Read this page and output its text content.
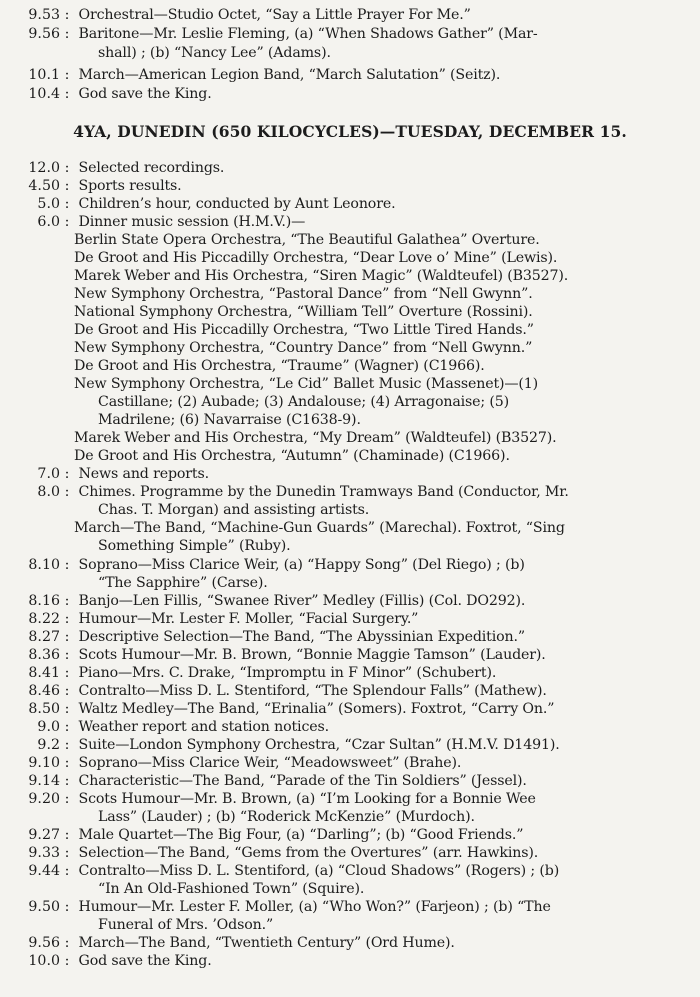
9.53 : Orchestral—Studio Octet, “Say a Little Prayer For Me.”
9.56 : Baritone—Mr. Leslie Fleming, (a) “When Shadows Gather” (Mar-
shall) ; (b) “Nancy Lee” (Adams).
10.1 : March—American Legion Band, “March Salutation” (Seitz).
10.4 : God save the King.
4YA, DUNEDIN (650 KILOCYCLES)—TUESDAY, DECEMBER 15.
12.0 : Selected recordings.
4.50 : Sports results.
5.0 : Children’s hour, conducted by Aunt Leonore.
6.0 : Dinner music session (H.M.V.)—
Berlin State Opera Orchestra, “The Beautiful Galathea” Overture.
De Groot and His Piccadilly Orchestra, “Dear Love o’ Mine” (Lewis).
Marek Weber and His Orchestra, “Siren Magic” (Waldteufel) (B3527).
New Symphony Orchestra, “Pastoral Dance” from “Nell Gwynn”.
National Symphony Orchestra, “William Tell” Overture (Rossini).
De Groot and His Piccadilly Orchestra, “Two Little Tired Hands.”
New Symphony Orchestra, “Country Dance” from “Nell Gwynn.”
De Groot and His Orchestra, “Traume” (Wagner) (C1966).
New Symphony Orchestra, “Le Cid” Ballet Music (Massenet)—(1)
Castillane; (2) Aubade; (3) Andalouse; (4) Arragonaise; (5)
Madrilene; (6) Navarraise (C1638-9).
Marek Weber and His Orchestra, “My Dream” (Waldteufel) (B3527).
De Groot and His Orchestra, “Autumn” (Chaminade) (C1966).
7.0 : News and reports.
8.0 : Chimes. Programme by the Dunedin Tramways Band (Conductor, Mr.
Chas. T. Morgan) and assisting artists.
March—The Band, “Machine-Gun Guards” (Marechal). Foxtrot, “Sing
Something Simple” (Ruby).
8.10 : Soprano—Miss Clarice Weir, (a) “Happy Song” (Del Riego) ; (b)
“The Sapphire” (Carse).
8.16 : Banjo—Len Fillis, “Swanee River” Medley (Fillis) (Col. DO292).
8.22 : Humour—Mr. Lester F. Moller, “Facial Surgery.”
8.27 : Descriptive Selection—The Band, “The Abyssinian Expedition.”
8.36 : Scots Humour—Mr. B. Brown, “Bonnie Maggie Tamson” (Lauder).
8.41 : Piano—Mrs. C. Drake, “Impromptu in F Minor” (Schubert).
8.46 : Contralto—Miss D. L. Stentiford, “The Splendour Falls” (Mathew).
8.50 : Waltz Medley—The Band, “Erinalia” (Somers). Foxtrot, “Carry On.”
9.0 : Weather report and station notices.
9.2 : Suite—London Symphony Orchestra, “Czar Sultan” (H.M.V. D1491).
9.10 : Soprano—Miss Clarice Weir, “Meadowsweet” (Brahe).
9.14 : Characteristic—The Band, “Parade of the Tin Soldiers” (Jessel).
9.20 : Scots Humour—Mr. B. Brown, (a) “I’m Looking for a Bonnie Wee
Lass” (Lauder) ; (b) “Roderick McKenzie” (Murdoch).
9.27 : Male Quartet—The Big Four, (a) “Darling”; (b) “Good Friends.”
9.33 : Selection—The Band, “Gems from the Overtures” (arr. Hawkins).
9.44 : Contralto—Miss D. L. Stentiford, (a) “Cloud Shadows” (Rogers) ; (b)
“In An Old-Fashioned Town” (Squire).
9.50 : Humour—Mr. Lester F. Moller, (a) “Who Won?” (Farjeon) ; (b) “The
Funeral of Mrs. ’Odson.”
9.56 : March—The Band, “Twentieth Century” (Ord Hume).
10.0 : God save the King.
